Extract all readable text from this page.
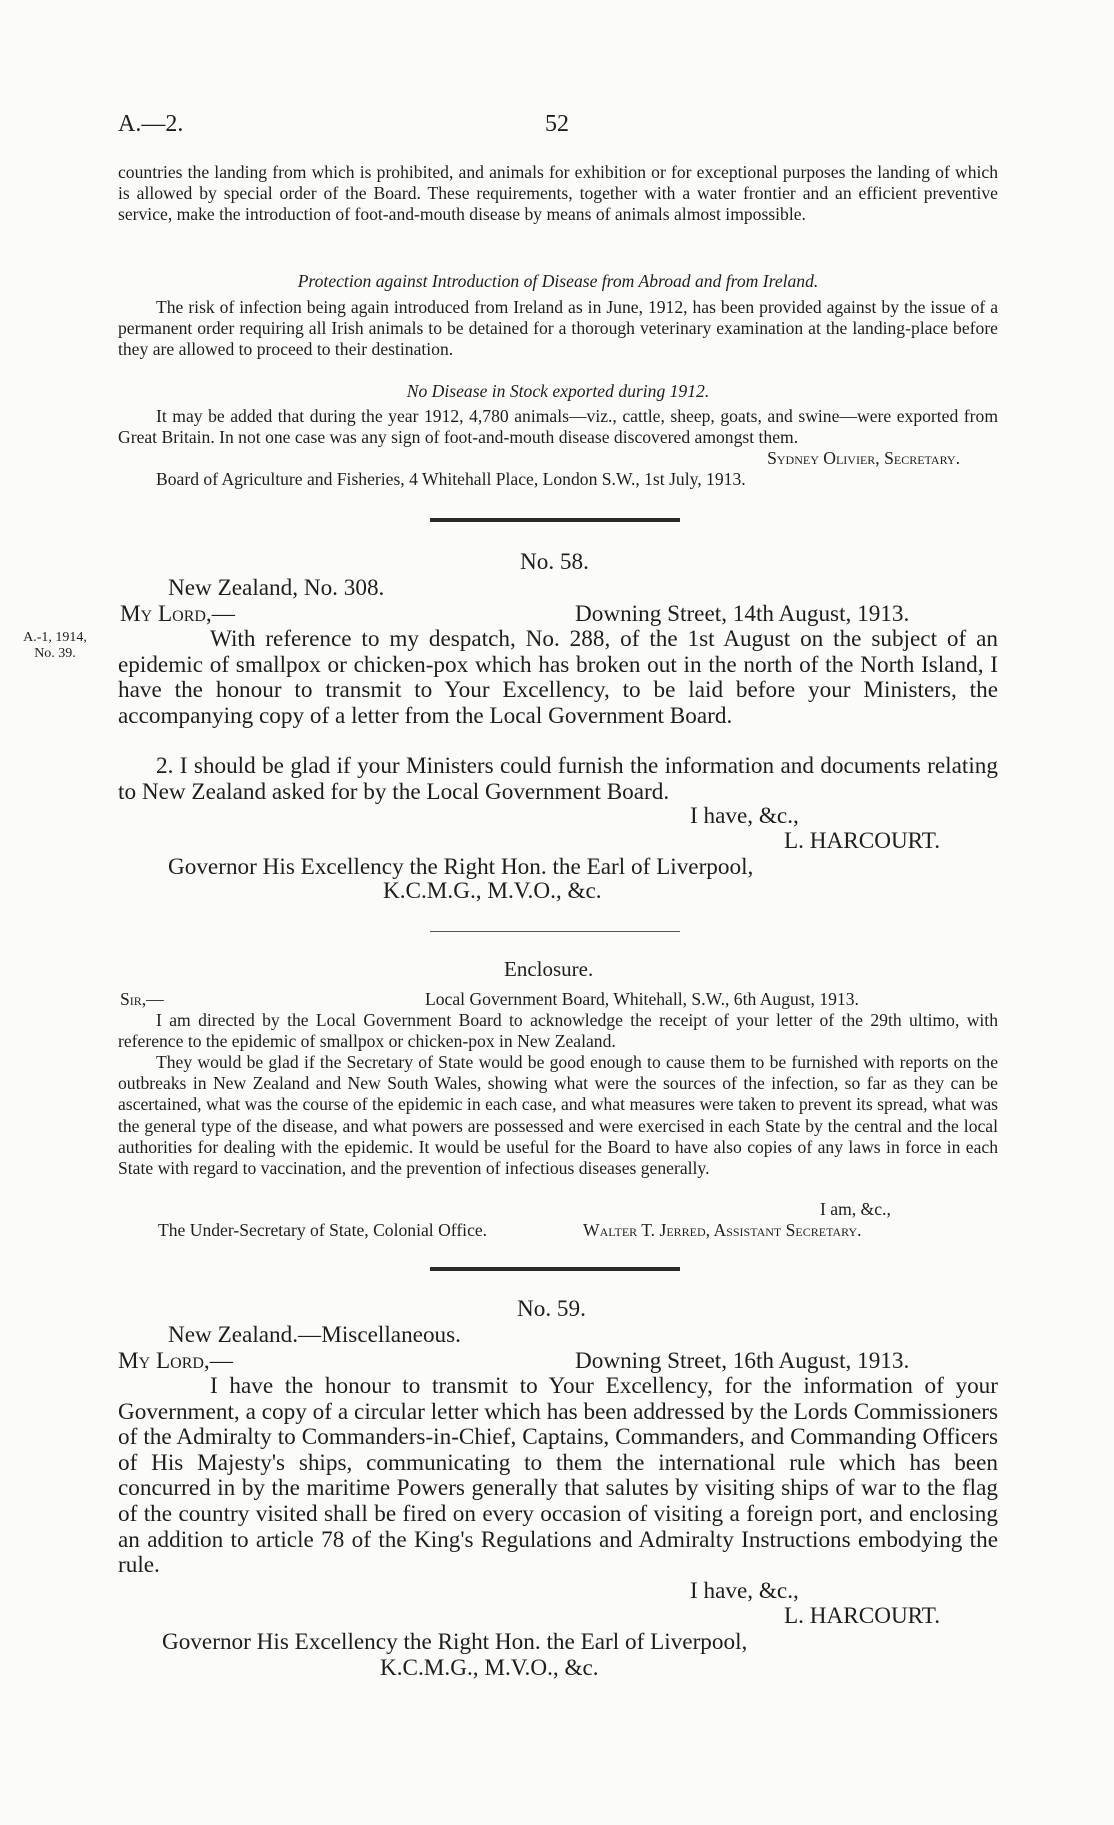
A.—2.	52

countries the landing from which is prohibited, and animals for exhibition or for exceptional purposes the landing of which is allowed by special order of the Board. These requirements, together with a water frontier and an efficient preventive service, make the introduction of foot-and-mouth disease by means of animals almost impossible.

Protection against Introduction of Disease from Abroad and from Ireland.

The risk of infection being again introduced from Ireland as in June, 1912, has been provided against by the issue of a permanent order requiring all Irish animals to be detained for a thorough veterinary examination at the landing-place before they are allowed to proceed to their destination.

No Disease in Stock exported during 1912.

It may be added that during the year 1912, 4,780 animals—viz., cattle, sheep, goats, and swine—were exported from Great Britain. In not one case was any sign of foot-and-mouth disease discovered amongst them.

Sydney Olivier, Secretary.
Board of Agriculture and Fisheries, 4 Whitehall Place, London S.W., 1st July, 1913.
No. 58.
New Zealand, No. 308.
My Lord,—	Downing Street, 14th August, 1913.
A.-1, 1914,
No. 39.

With reference to my despatch, No. 288, of the 1st August on the subject of an epidemic of smallpox or chicken-pox which has broken out in the north of the North Island, I have the honour to transmit to Your Excellency, to be laid before your Ministers, the accompanying copy of a letter from the Local Government Board.

2. I should be glad if your Ministers could furnish the information and documents relating to New Zealand asked for by the Local Government Board.

I have, &c.,
L. HARCOURT.
Governor His Excellency the Right Hon. the Earl of Liverpool,
K.C.M.G., M.V.O., &c.
Enclosure.
Sir,—	Local Government Board, Whitehall, S.W., 6th August, 1913.

I am directed by the Local Government Board to acknowledge the receipt of your letter of the 29th ultimo, with reference to the epidemic of smallpox or chicken-pox in New Zealand.

They would be glad if the Secretary of State would be good enough to cause them to be furnished with reports on the outbreaks in New Zealand and New South Wales, showing what were the sources of the infection, so far as they can be ascertained, what was the course of the epidemic in each case, and what measures were taken to prevent its spread, what was the general type of the disease, and what powers are possessed and were exercised in each State by the central and the local authorities for dealing with the epidemic. It would be useful for the Board to have also copies of any laws in force in each State with regard to vaccination, and the prevention of infectious diseases generally.

I am, &c.,
The Under-Secretary of State, Colonial Office.	Walter T. Jerred, Assistant Secretary.
No. 59.
New Zealand.—Miscellaneous.
My Lord,—	Downing Street, 16th August, 1913.

I have the honour to transmit to Your Excellency, for the information of your Government, a copy of a circular letter which has been addressed by the Lords Commissioners of the Admiralty to Commanders-in-Chief, Captains, Commanders, and Commanding Officers of His Majesty's ships, communicating to them the international rule which has been concurred in by the maritime Powers generally that salutes by visiting ships of war to the flag of the country visited shall be fired on every occasion of visiting a foreign port, and enclosing an addition to article 78 of the King's Regulations and Admiralty Instructions embodying the rule.

I have, &c.,
L. HARCOURT.
Governor His Excellency the Right Hon. the Earl of Liverpool,
K.C.M.G., M.V.O., &c.
